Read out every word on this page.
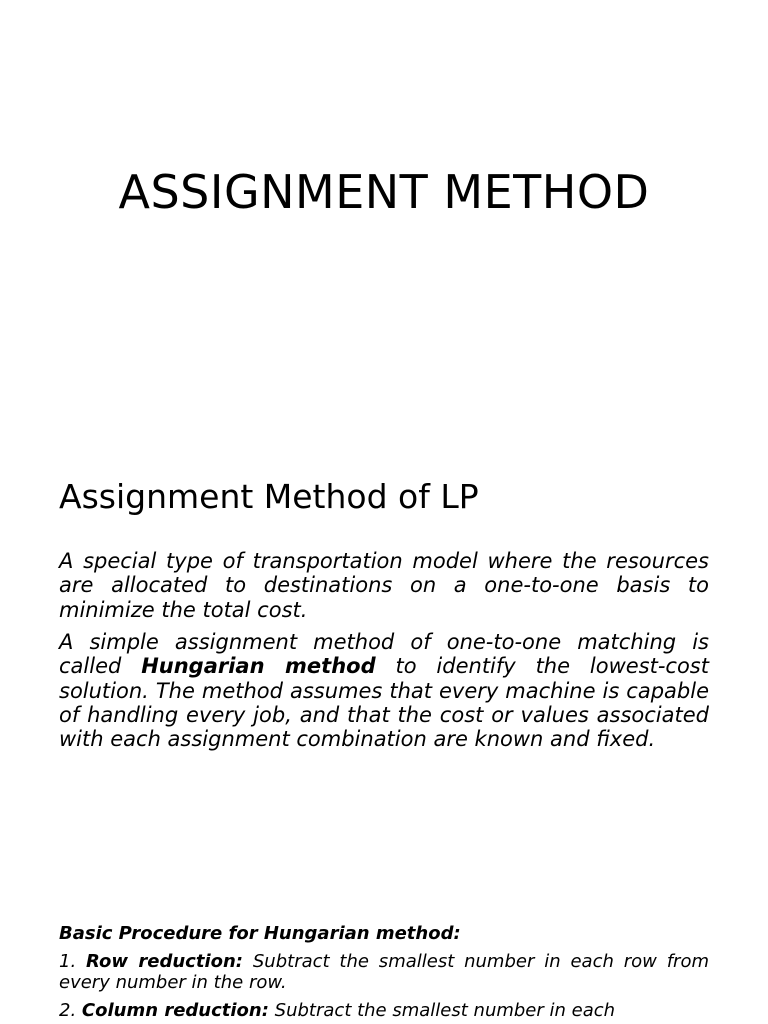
ASSIGNMENT METHOD
Assignment Method of LP

A special type of transportation model where the resources are allocated to destinations on a one-to-one basis to minimize the total cost.

A simple assignment method of one-to-one matching is called Hungarian method to identify the lowest-cost solution. The method assumes that every machine is capable of handling every job, and that the cost or values associated with each assignment combination are known and fixed.

Basic Procedure for Hungarian method:

1. Row reduction: Subtract the smallest number in each row from every number in the row.

2. Column reduction: Subtract the smallest number in each
